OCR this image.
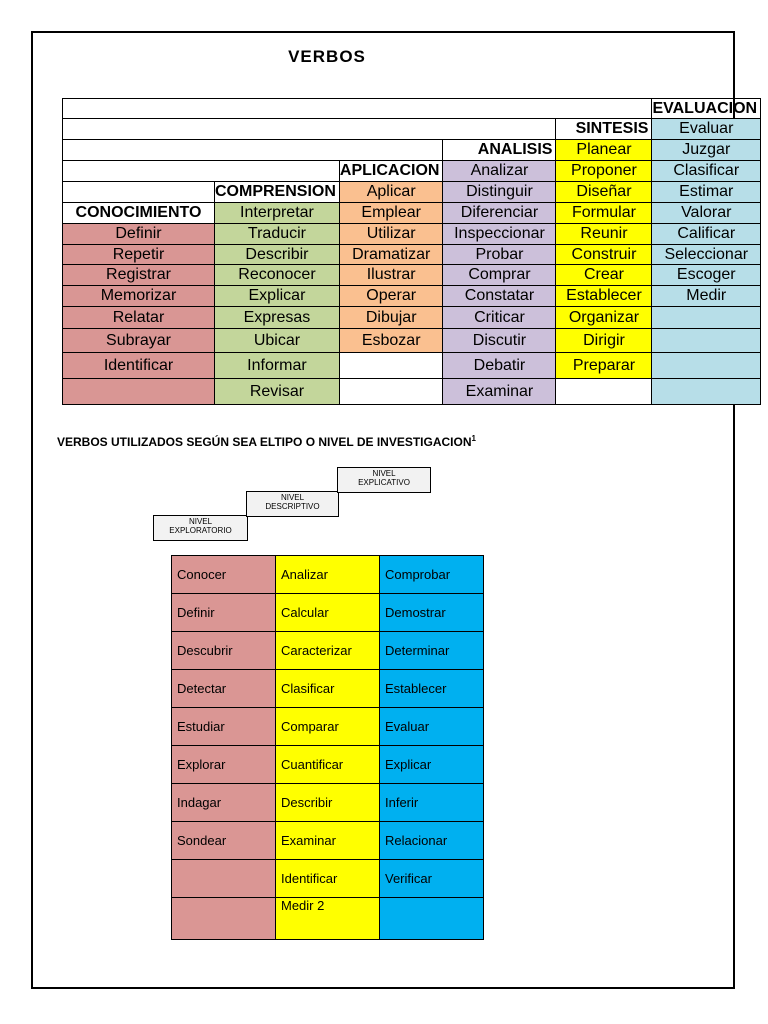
VERBOS
					EVALUACION
				SINTESIS	Evaluar
			ANALISIS	Planear	Juzgar
		APLICACION	Analizar	Proponer	Clasificar
	COMPRENSION	Aplicar	Distinguir	Diseñar	Estimar
CONOCIMIENTO	Interpretar	Emplear	Diferenciar	Formular	Valorar
Definir	Traducir	Utilizar	Inspeccionar	Reunir	Calificar
Repetir	Describir	Dramatizar	Probar	Construir	Seleccionar
Registrar	Reconocer	Ilustrar	Comprar	Crear	Escoger
Memorizar	Explicar	Operar	Constatar	Establecer	Medir
Relatar	Expresas	Dibujar	Criticar	Organizar	
Subrayar	Ubicar	Esbozar	Discutir	Dirigir	
Identificar	Informar		Debatir	Preparar	
	Revisar		Examinar		
VERBOS UTILIZADOS SEGÚN SEA ELTIPO O NIVEL DE INVESTIGACION$^1$
NIVEL
EXPLORATORIO
NIVEL
DESCRIPTIVO
NIVEL
EXPLICATIVO
Conocer	Analizar	Comprobar
Definir	Calcular	Demostrar
Descubrir	Caracterizar	Determinar
Detectar	Clasificar	Establecer
Estudiar	Comparar	Evaluar
Explorar	Cuantificar	Explicar
Indagar	Describir	Inferir
Sondear	Examinar	Relacionar
	Identificar	Verificar
	Medir 2	
